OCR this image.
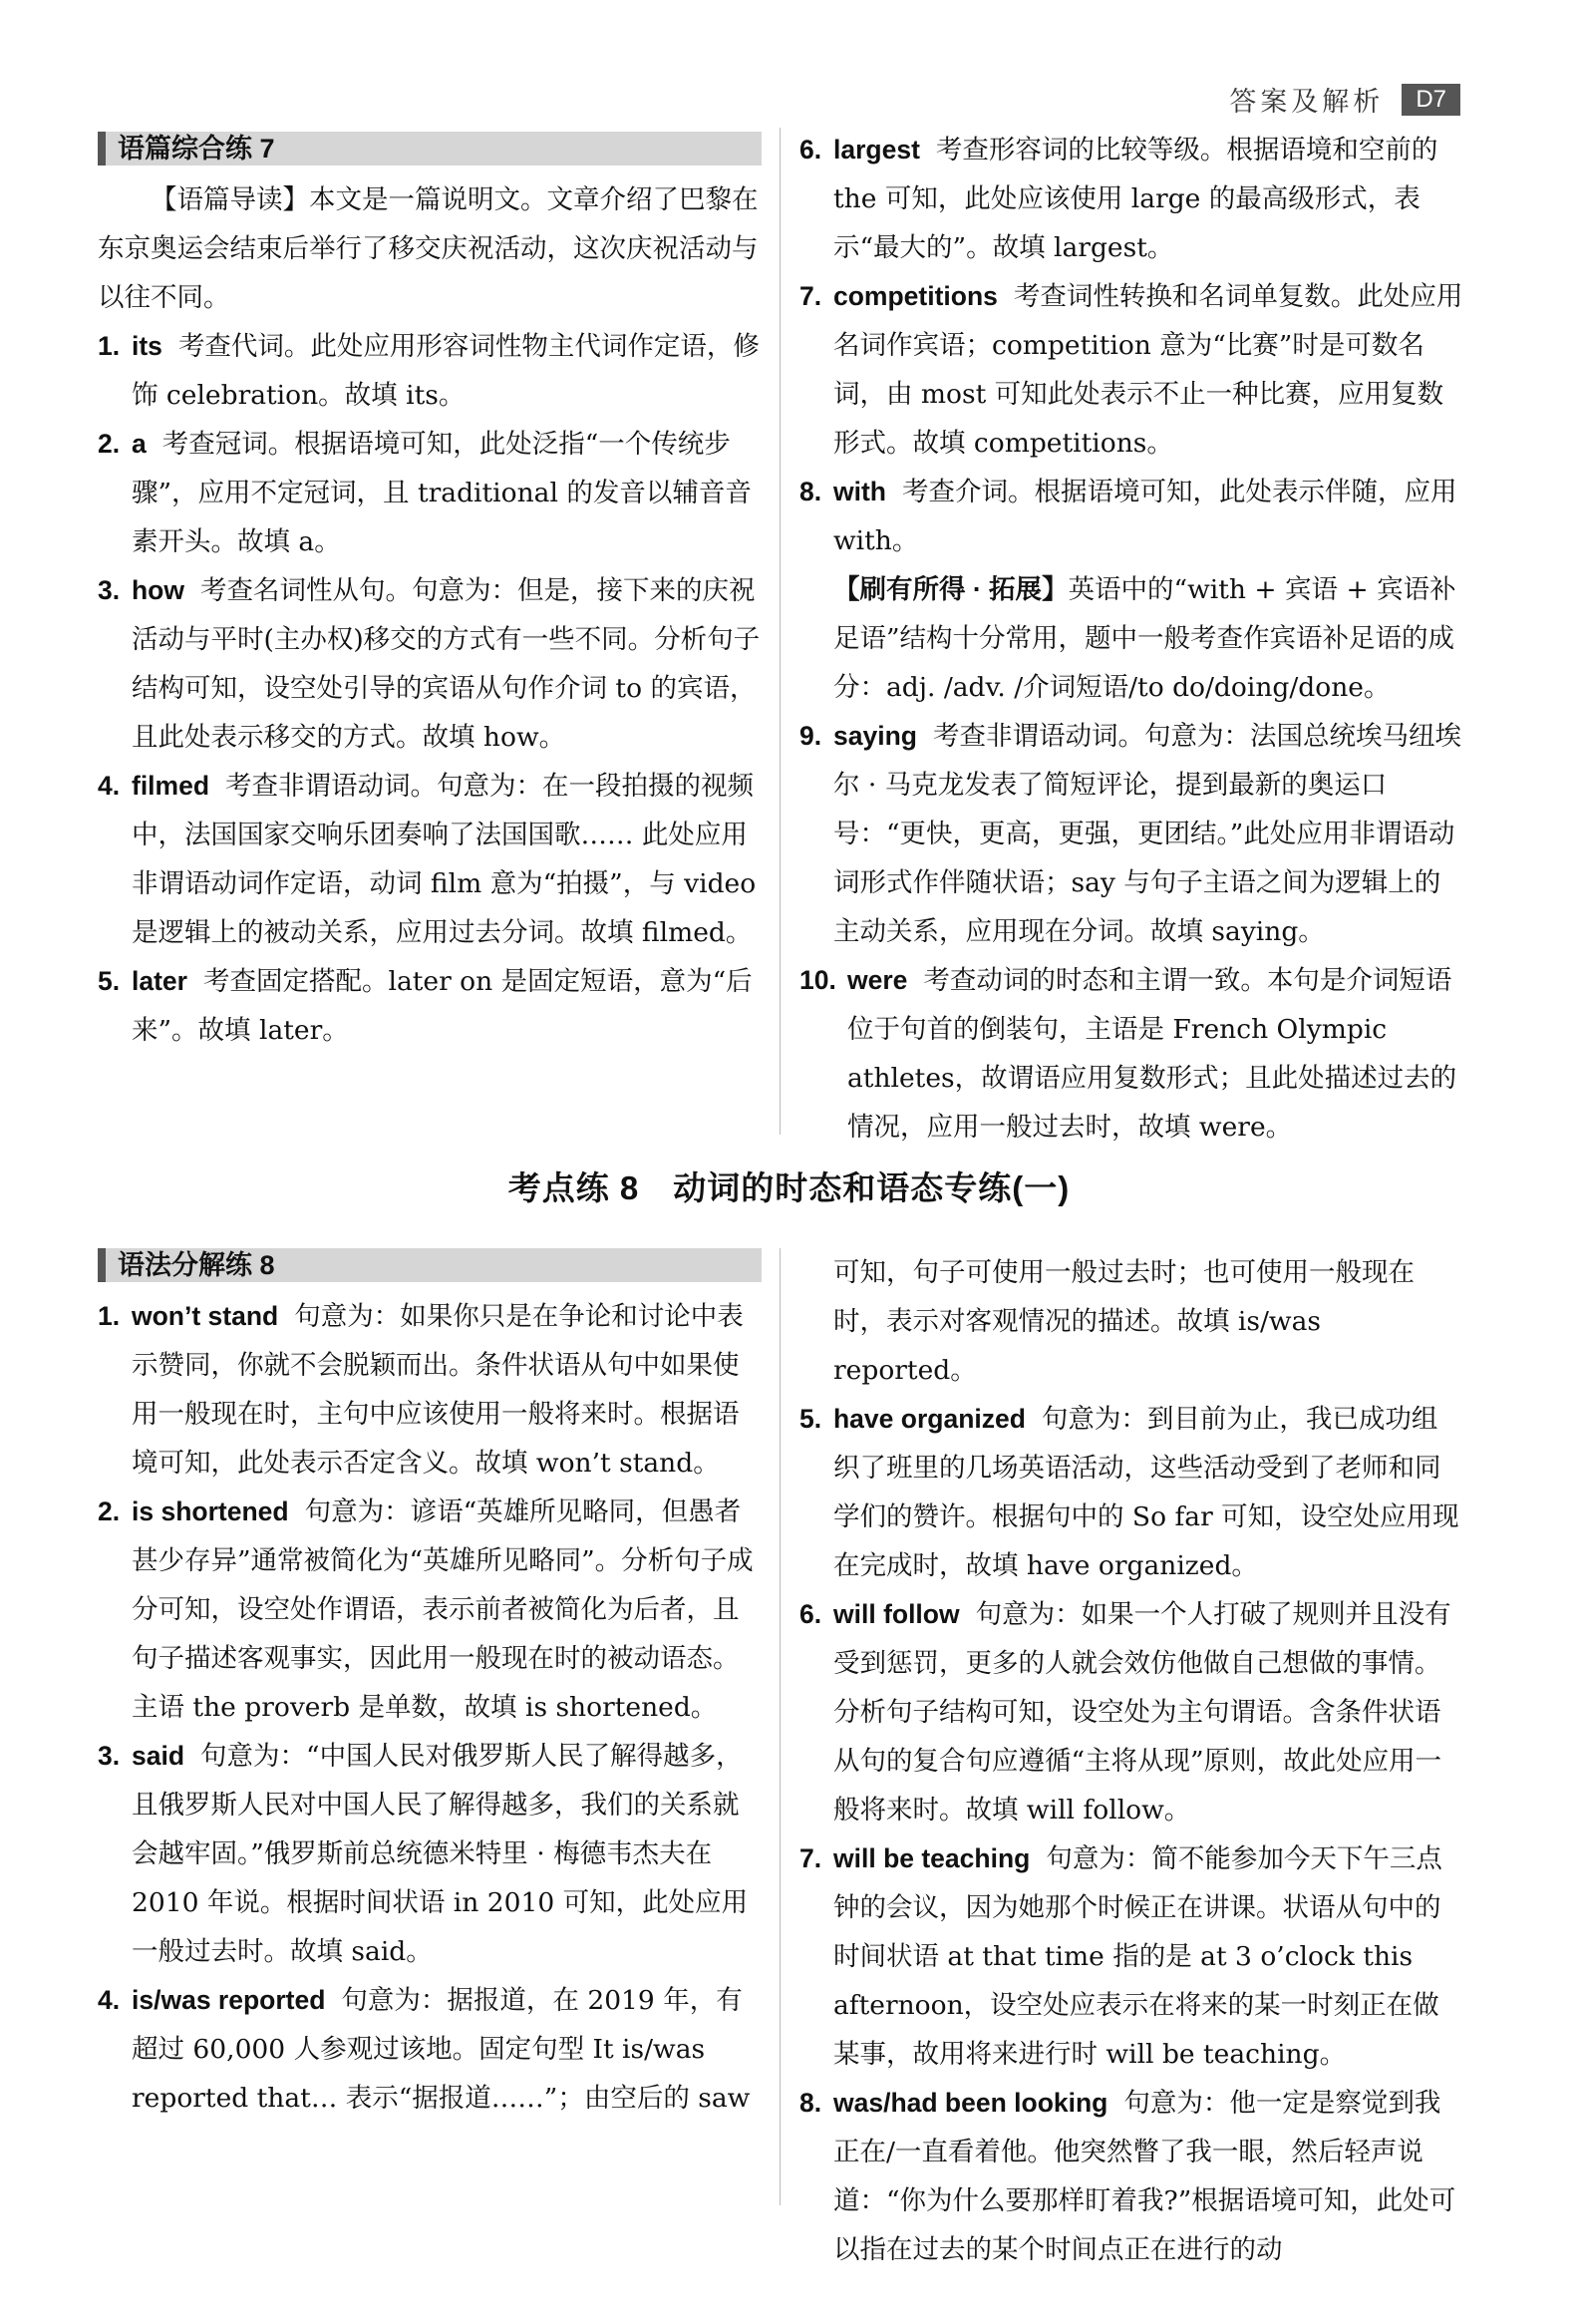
答案及解析	D7
语篇综合练 7

【语篇导读】本文是一篇说明文。文章介绍了巴黎在东京奥运会结束后举行了移交庆祝活动，这次庆祝活动与以往不同。

1. its 考查代词。此处应用形容词性物主代词作定语，修饰 celebration。故填 its。
2. a 考查冠词。根据语境可知，此处泛指“一个传统步骤”，应用不定冠词，且 traditional 的发音以辅音音素开头。故填 a。
3. how 考查名词性从句。句意为：但是，接下来的庆祝活动与平时(主办权)移交的方式有一些不同。分析句子结构可知，设空处引导的宾语从句作介词 to 的宾语，且此处表示移交的方式。故填 how。
4. filmed 考查非谓语动词。句意为：在一段拍摄的视频中，法国国家交响乐团奏响了法国国歌…… 此处应用非谓语动词作定语，动词 film 意为“拍摄”，与 video 是逻辑上的被动关系，应用过去分词。故填 filmed。
5. later 考查固定搭配。later on 是固定短语，意为“后来”。故填 later。
6. largest 考查形容词的比较等级。根据语境和空前的 the 可知，此处应该使用 large 的最高级形式，表示“最大的”。故填 largest。
7. competitions 考查词性转换和名词单复数。此处应用名词作宾语；competition 意为“比赛”时是可数名词，由 most 可知此处表示不止一种比赛，应用复数形式。故填 competitions。
8. with 考查介词。根据语境可知，此处表示伴随，应用 with。

【刷有所得 · 拓展】英语中的“with + 宾语 + 宾语补足语”结构十分常用，题中一般考查作宾语补足语的成分：adj. /adv. /介词短语/to do/doing/done。

9. saying 考查非谓语动词。句意为：法国总统埃马纽埃尔 · 马克龙发表了简短评论，提到最新的奥运口号：“更快，更高，更强，更团结。”此处应用非谓语动词形式作伴随状语；say 与句子主语之间为逻辑上的主动关系，应用现在分词。故填 saying。
10. were 考查动词的时态和主谓一致。本句是介词短语位于句首的倒装句，主语是 French Olympic athletes，故谓语应用复数形式；且此处描述过去的情况，应用一般过去时，故填 were。
考点练 8　动词的时态和语态专练(一)
语法分解练 8
1. won’t stand 句意为：如果你只是在争论和讨论中表示赞同，你就不会脱颖而出。条件状语从句中如果使用一般现在时，主句中应该使用一般将来时。根据语境可知，此处表示否定含义。故填 won’t stand。
2. is shortened 句意为：谚语“英雄所见略同，但愚者甚少存异”通常被简化为“英雄所见略同”。分析句子成分可知，设空处作谓语，表示前者被简化为后者，且句子描述客观事实，因此用一般现在时的被动语态。主语 the proverb 是单数，故填 is shortened。
3. said 句意为：“中国人民对俄罗斯人民了解得越多，且俄罗斯人民对中国人民了解得越多，我们的关系就会越牢固。”俄罗斯前总统德米特里 · 梅德韦杰夫在 2010 年说。根据时间状语 in 2010 可知，此处应用一般过去时。故填 said。
4. is/was reported 句意为：据报道，在 2019 年，有超过 60,000 人参观过该地。固定句型 It is/was reported that… 表示“据报道……”；由空后的 saw

可知，句子可使用一般过去时；也可使用一般现在时，表示对客观情况的描述。故填 is/was reported。

5. have organized 句意为：到目前为止，我已成功组织了班里的几场英语活动，这些活动受到了老师和同学们的赞许。根据句中的 So far 可知，设空处应用现在完成时，故填 have organized。
6. will follow 句意为：如果一个人打破了规则并且没有受到惩罚，更多的人就会效仿他做自己想做的事情。分析句子结构可知，设空处为主句谓语。含条件状语从句的复合句应遵循“主将从现”原则，故此处应用一般将来时。故填 will follow。
7. will be teaching 句意为：简不能参加今天下午三点钟的会议，因为她那个时候正在讲课。状语从句中的时间状语 at that time 指的是 at 3 o’clock this afternoon，设空处应表示在将来的某一时刻正在做某事，故用将来进行时 will be teaching。
8. was/had been looking 句意为：他一定是察觉到我正在/一直看着他。他突然瞥了我一眼，然后轻声说道：“你为什么要那样盯着我?”根据语境可知，此处可以指在过去的某个时间点正在进行的动
